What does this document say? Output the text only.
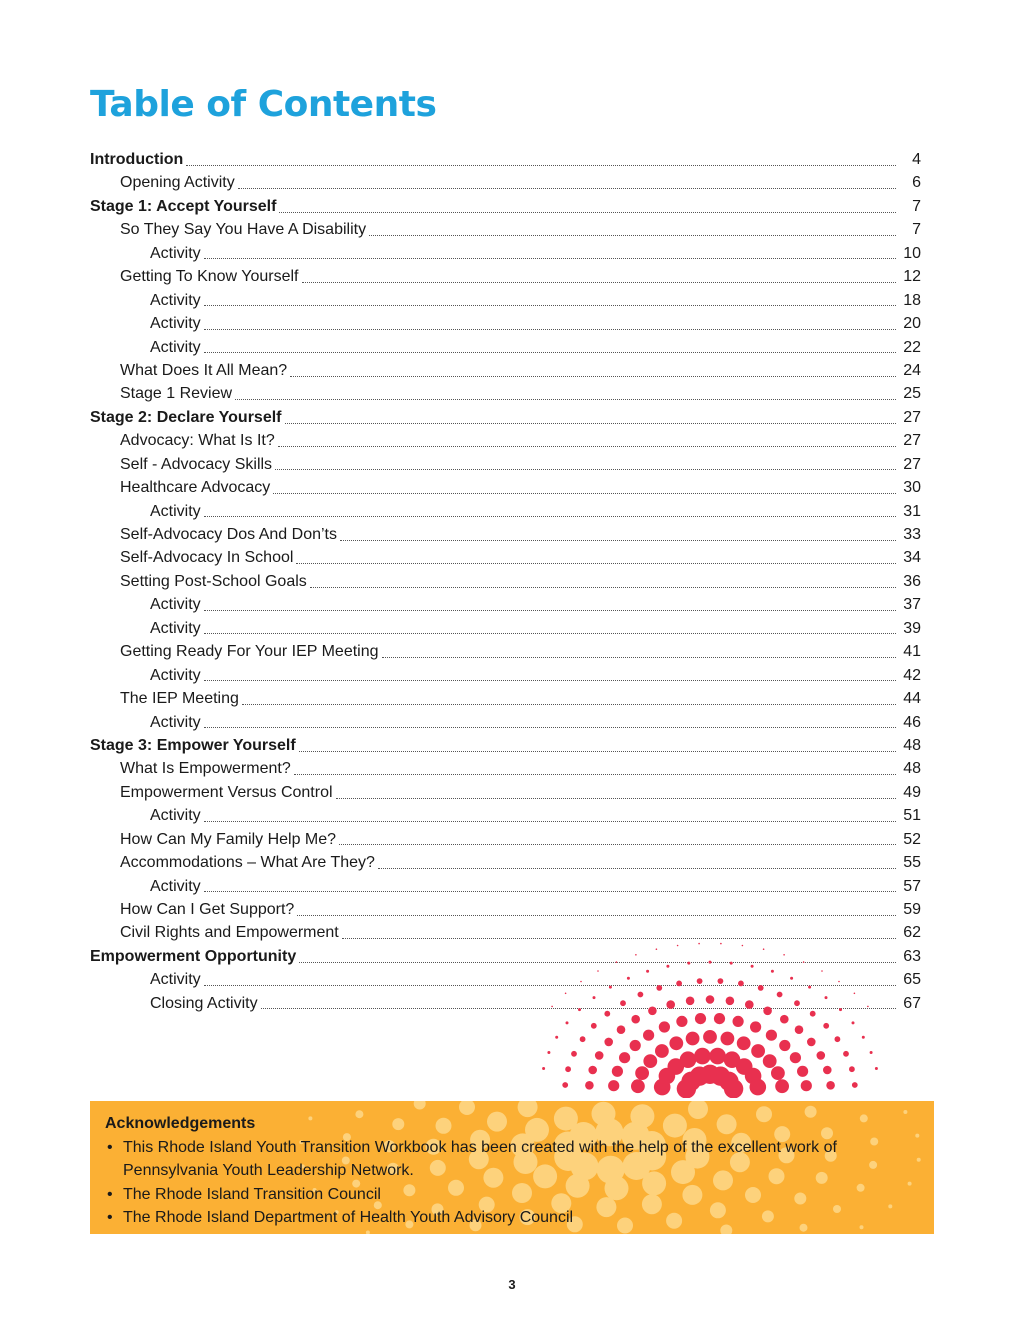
Table of Contents
Introduction	4
Opening Activity	6
Stage 1: Accept Yourself	7
So They Say You Have A Disability	7
Activity	10
Getting To Know Yourself	12
Activity	18
Activity	20
Activity	22
What Does It All Mean?	24
Stage 1 Review	25
Stage 2: Declare Yourself	27
Advocacy: What Is It?	27
Self - Advocacy Skills	27
Healthcare Advocacy	30
Activity	31
Self-Advocacy Dos And Don’ts	33
Self-Advocacy In School	34
Setting Post-School Goals	36
Activity	37
Activity	39
Getting Ready For Your IEP Meeting	41
Activity	42
The IEP Meeting	44
Activity	46
Stage 3: Empower Yourself	48
What Is Empowerment?	48
Empowerment Versus Control	49
Activity	51
How Can My Family Help Me?	52
Accommodations – What Are They?	55
Activity	57
How Can I Get Support?	59
Civil Rights and Empowerment	62
Empowerment Opportunity	63
Activity	65
Closing Activity	67
Acknowledgements
• This Rhode Island Youth Transition Workbook has been created with the help of the excellent work of Pennsylvania Youth Leadership Network.
• The Rhode Island Transition Council
• The Rhode Island Department of Health Youth Advisory Council
3
